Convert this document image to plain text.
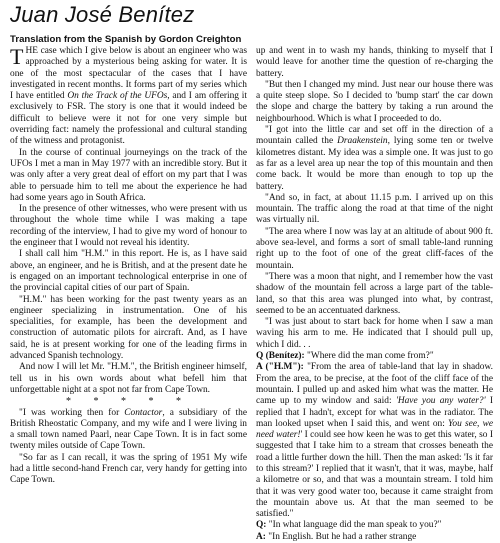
Juan José Benítez

Translation from the Spanish by Gordon Creighton

THE case which I give below is about an engineer who was approached by a mysterious being asking for water. It is one of the most spectacular of the cases that I have investigated in recent months. It forms part of my series which I have entitled On the Track of the UFOs, and I am offering it exclusively to FSR. The story is one that it would indeed be difficult to believe were it not for one very simple but overriding fact: namely the professional and cultural standing of the witness and protagonist.

In the course of continual journeyings on the track of the UFOs I met a man in May 1977 with an incredible story. But it was only after a very great deal of effort on my part that I was able to persuade him to tell me about the experience he had had some years ago in South Africa.

In the presence of other witnesses, who were present with us throughout the whole time while I was making a tape recording of the interview, I had to give my word of honour to the engineer that I would not reveal his identity.

I shall call him "H.M." in this report. He is, as I have said above, an engineer, and he is British, and at the present date he is engaged on an important technological enterprise in one of the provincial capital cities of our part of Spain.

"H.M." has been working for the past twenty years as an engineer specializing in instrumentation. One of his specialities, for example, has been the development and construction of automatic pilots for aircraft. And, as I have said, he is at present working for one of the leading firms in advanced Spanish technology.

And now I will let Mr. "H.M.", the British engineer himself, tell us in his own words about what befell him that unforgettable night at a spot not far from Cape Town.

* * * * *

"I was working then for Contactor, a subsidiary of the British Rheostatic Company, and my wife and I were living in a small town named Paarl, near Cape Town. It is in fact some twenty miles outside of Cape Town.

"So far as I can recall, it was the spring of 1951 My wife had a little second-hand French car, very handy for getting into Cape Town.

up and went in to wash my hands, thinking to myself that I would leave for another time the question of re-charging the battery.

"But then I changed my mind. Just near our house there was a quite steep slope. So I decided to 'bump start' the car down the slope and charge the battery by taking a run around the neighbourhood. Which is what I proceeded to do.

"I got into the little car and set off in the direction of a mountain called the Draakenstein, lying some ten or twelve kilometres distant. My idea was a simple one. It was just to go as far as a level area up near the top of this mountain and then come back. It would be more than enough to top up the battery.

"And so, in fact, at about 11.15 p.m. I arrived up on this mountain. The traffic along the road at that time of the night was virtually nil.

"The area where I now was lay at an altitude of about 900 ft. above sea-level, and forms a sort of small table-land running right up to the foot of one of the great cliff-faces of the mountain.

"There was a moon that night, and I remember how the vast shadow of the mountain fell across a large part of the table-land, so that this area was plunged into what, by contrast, seemed to be an accentuated darkness.

"I was just about to start back for home when I saw a man waving his arm to me. He indicated that I should pull up, which I did. . .

Q (Benítez): "Where did the man come from?"

A ("H.M"): "From the area of table-land that lay in shadow. From the area, to be precise, at the foot of the cliff face of the mountain. I pulled up and asked him what was the matter. He came up to my window and said: 'Have you any water?' I replied that I hadn't, except for what was in the radiator. The man looked upset when I said this, and went on: You see, we need water!' I could see how keen he was to get this water, so I suggested that I take him to a stream that crosses beneath the road a little further down the hill. Then the man asked: 'Is it far to this stream?' I replied that it wasn't, that it was, maybe, half a kilometre or so, and that was a mountain stream. I told him that it was very good water too, because it came straight from the mountain above us. At that the man seemed to be satisfied."

Q: "In what language did the man speak to you?"

A: "In English. But he had a rather strange
